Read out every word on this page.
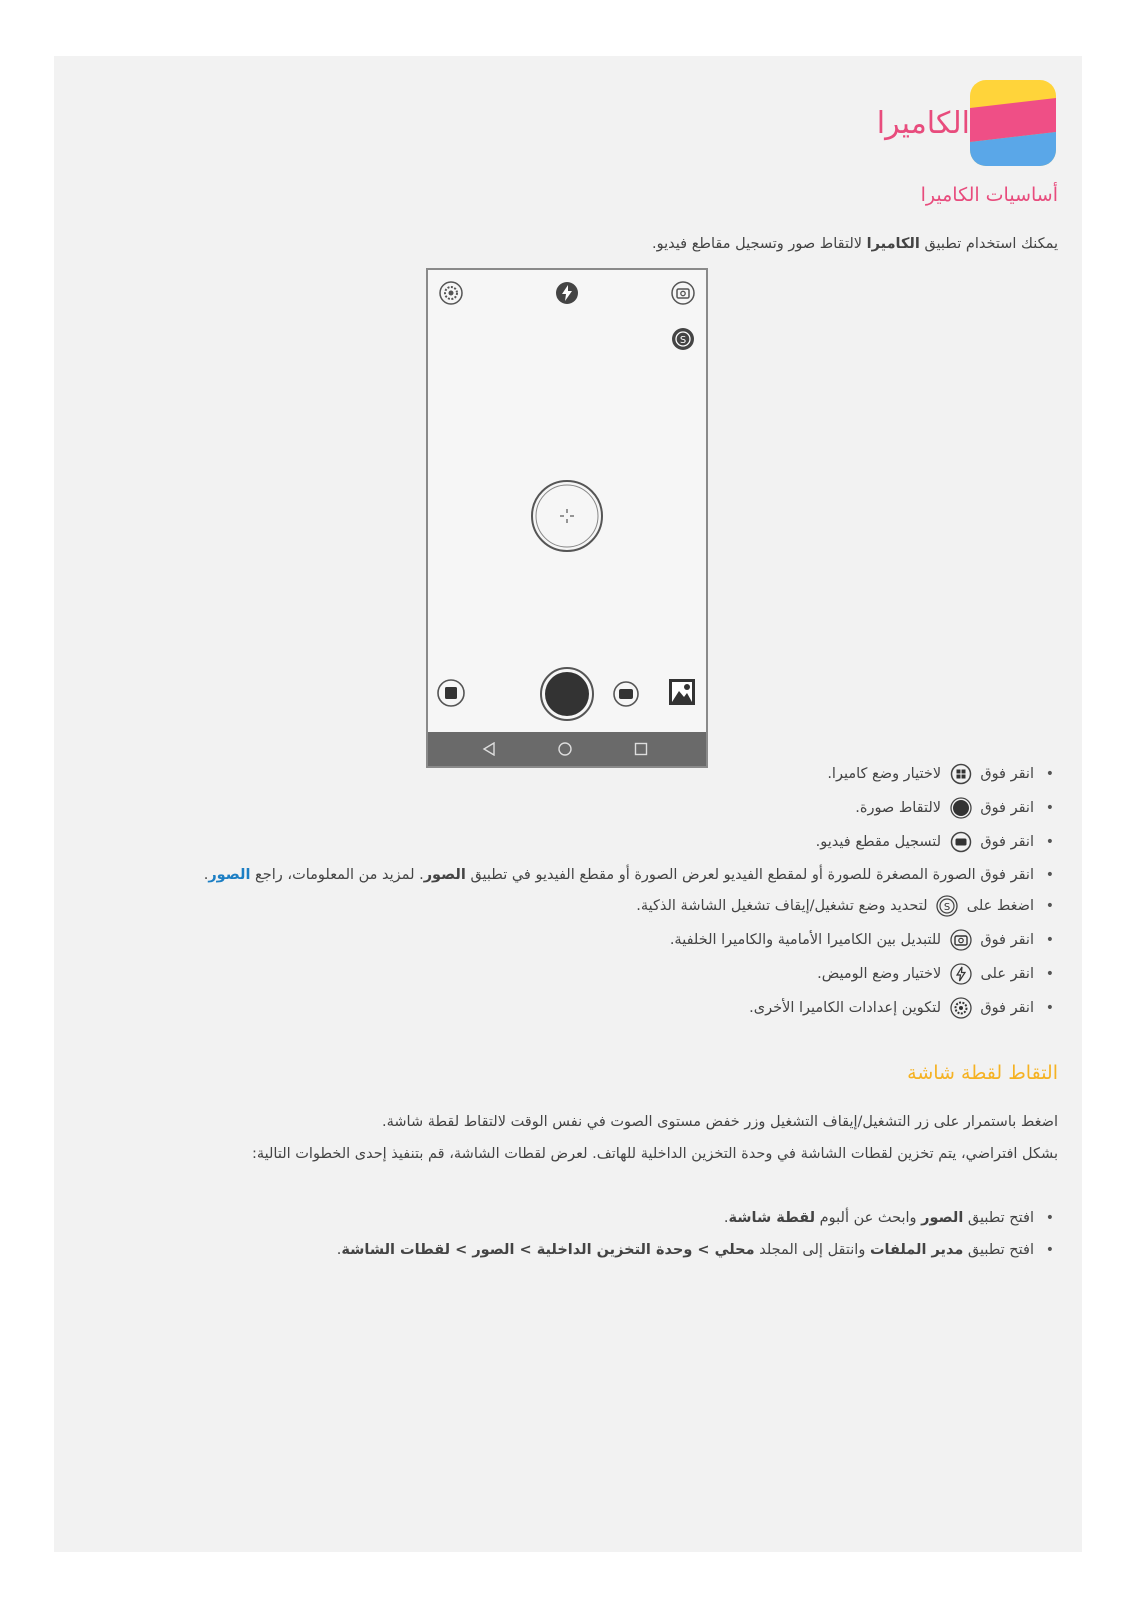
الكاميرا
أساسيات الكاميرا
يمكنك استخدام تطبيق الكاميرا لالتقاط صور وتسجيل مقاطع فيديو.
S
• انقر فوق  لاختيار وضع كاميرا.
• انقر فوق  لالتقاط صورة.
• انقر فوق  لتسجيل مقطع فيديو.
• انقر فوق الصورة المصغرة للصورة أو لمقطع الفيديو لعرض الصورة أو مقطع الفيديو في تطبيق الصور. لمزيد من المعلومات، راجع الصور.
• اضغط على
S
لتحديد وضع تشغيل/إيقاف تشغيل الشاشة الذكية.
• انقر فوق  للتبديل بين الكاميرا الأمامية والكاميرا الخلفية.
• انقر على  لاختيار وضع الوميض.
• انقر فوق  لتكوين إعدادات الكاميرا الأخرى.
التقاط لقطة شاشة
اضغط باستمرار على زر التشغيل/إيقاف التشغيل وزر خفض مستوى الصوت في نفس الوقت لالتقاط لقطة شاشة.
بشكل افتراضي، يتم تخزين لقطات الشاشة في وحدة التخزين الداخلية للهاتف. لعرض لقطات الشاشة، قم بتنفيذ إحدى الخطوات التالية:
• افتح تطبيق الصور وابحث عن ألبوم لقطة شاشة.
• افتح تطبيق مدير الملفات وانتقل إلى المجلد محلي > وحدة التخزين الداخلية > الصور > لقطات الشاشة.
